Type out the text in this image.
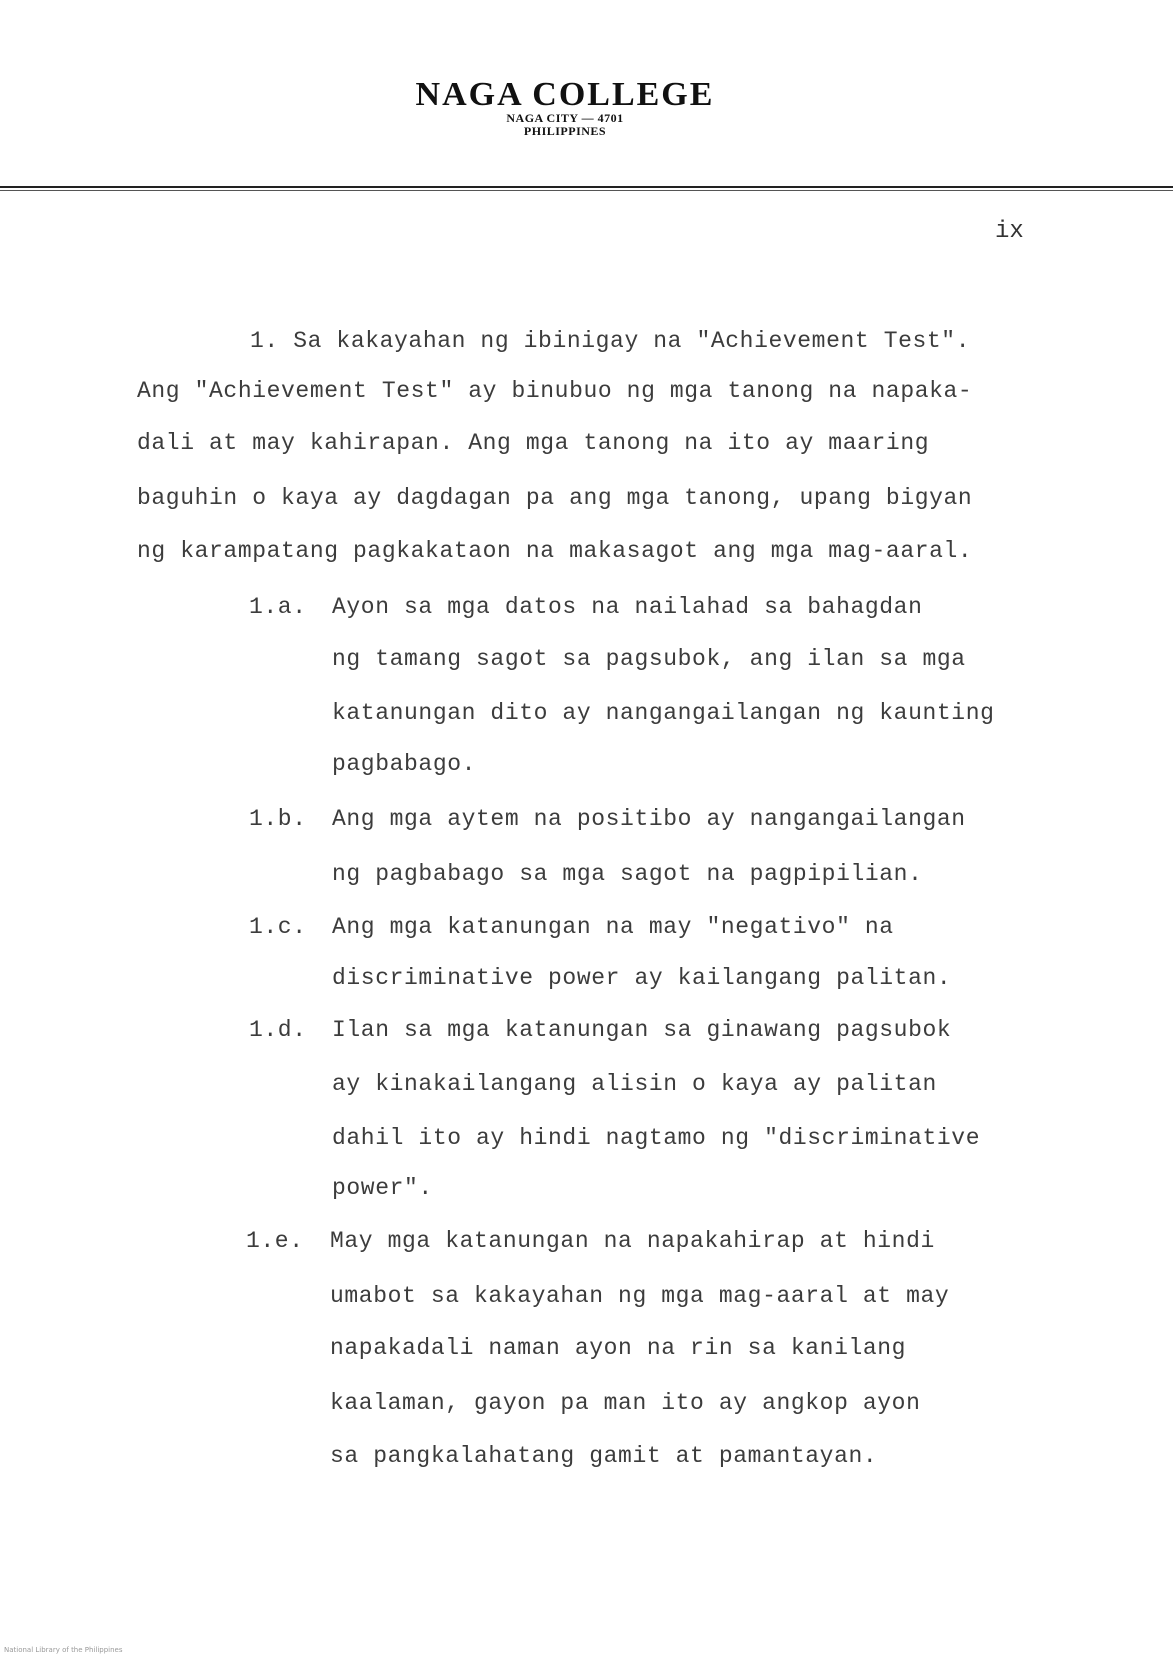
NAGA COLLEGE
NAGA CITY — 4701
PHILIPPINES
ix
1. Sa kakayahan ng ibinigay na "Achievement Test".
Ang "Achievement Test" ay binubuo ng mga tanong na napaka-
dali at may kahirapan. Ang mga tanong na ito ay maaring
baguhin o kaya ay dagdagan pa ang mga tanong, upang bigyan
ng karampatang pagkakataon na makasagot ang mga mag-aaral.
1.a. Ayon sa mga datos na nailahad sa bahagdan
ng tamang sagot sa pagsubok, ang ilan sa mga
katanungan dito ay nangangailangan ng kaunting
pagbabago.
1.b. Ang mga aytem na positibo ay nangangailangan
ng pagbabago sa mga sagot na pagpipilian.
1.c. Ang mga katanungan na may "negativo" na
discriminative power ay kailangang palitan.
1.d. Ilan sa mga katanungan sa ginawang pagsubok
ay kinakailangang alisin o kaya ay palitan
dahil ito ay hindi nagtamo ng "discriminative
power".
1.e. May mga katanungan na napakahirap at hindi
umabot sa kakayahan ng mga mag-aaral at may
napakadali naman ayon na rin sa kanilang
kaalaman, gayon pa man ito ay angkop ayon
sa pangkalahatang gamit at pamantayan.
National Library of the Philippines
